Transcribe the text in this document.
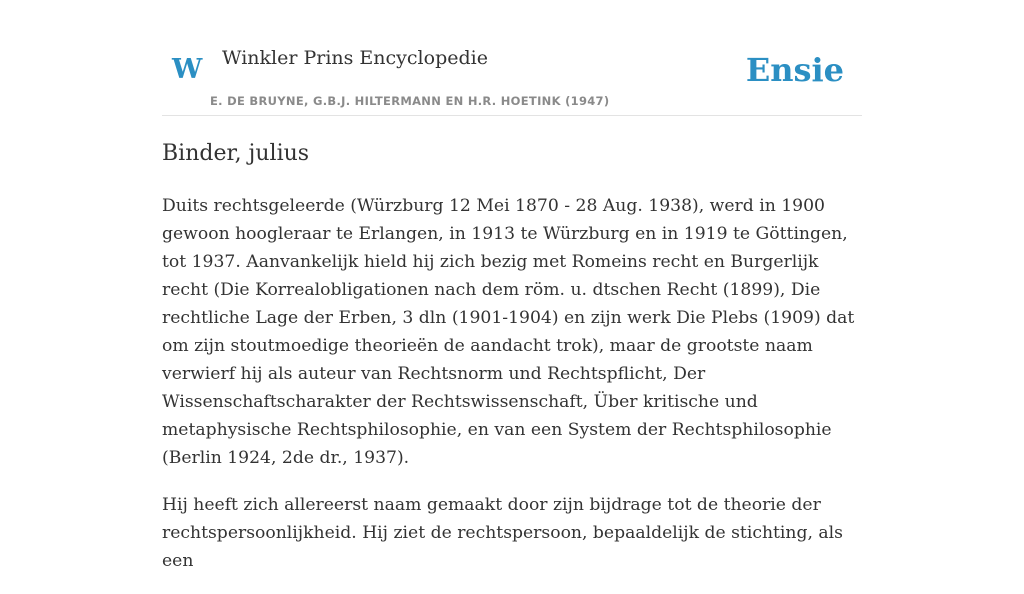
W Winkler Prins Encyclopedie	Ensie
E. DE BRUYNE, G.B.J. HILTERMANN EN H.R. HOETINK (1947)
Binder, julius

Duits rechtsgeleerde (Würzburg 12 Mei 1870 - 28 Aug. 1938), werd in 1900 gewoon hoogleraar te Erlangen, in 1913 te Würzburg en in 1919 te Göttingen, tot 1937. Aanvankelijk hield hij zich bezig met Romeins recht en Burgerlijk recht (Die Korrealobligationen nach dem röm. u. dtschen Recht (1899), Die rechtliche Lage der Erben, 3 dln (1901-1904) en zijn werk Die Plebs (1909) dat om zijn stoutmoedige theorieën de aandacht trok), maar de grootste naam verwierf hij als auteur van Rechtsnorm und Rechtspflicht, Der Wissenschaftscharakter der Rechtswissenschaft, Über kritische und metaphysische Rechtsphilosophie, en van een System der Rechtsphilosophie (Berlin 1924, 2de dr., 1937).

Hij heeft zich allereerst naam gemaakt door zijn bijdrage tot de theorie der rechtspersoonlijkheid. Hij ziet de rechtspersoon, bepaaldelijk de stichting, als een
